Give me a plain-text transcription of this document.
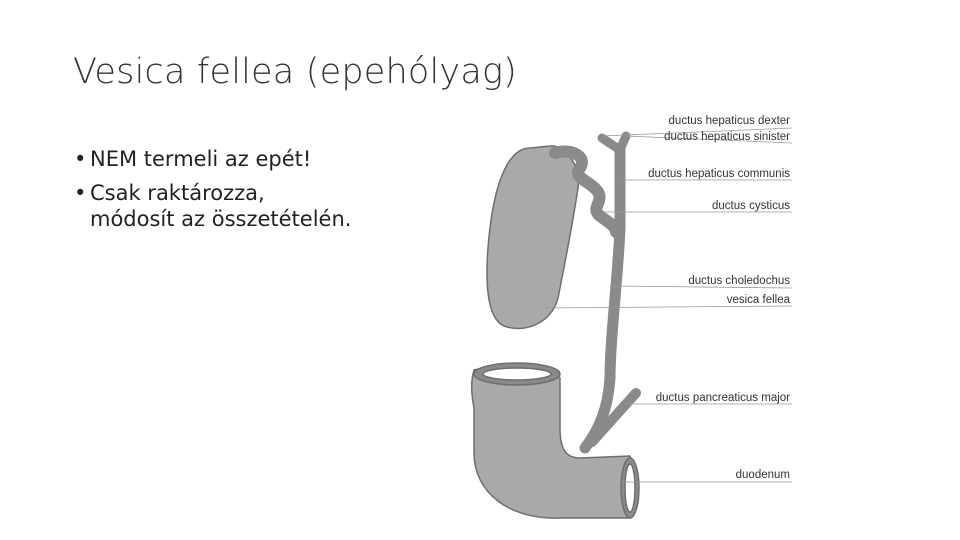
Vesica fellea (epehólyag)
• NEM termeli az epét!
• Csak raktározza,
módosít az összetételén.
ductus hepaticus dexter
ductus hepaticus sinister
ductus hepaticus communis
ductus cysticus
ductus choledochus
vesica fellea
ductus pancreaticus major
duodenum
